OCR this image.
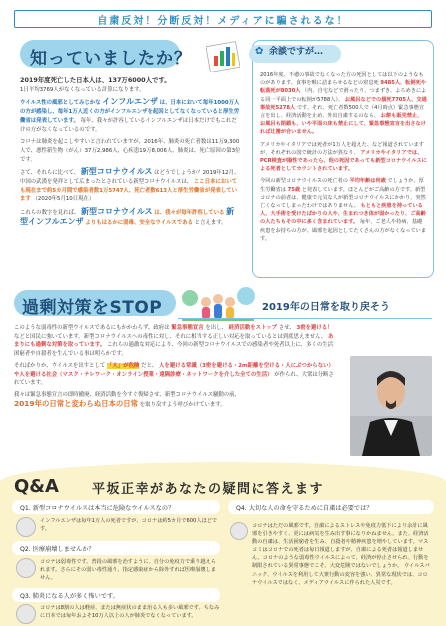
自粛反対！分断反対！メディアに騙されるな！
知っていましたか？

2019年度死亡した日本人は、137万6000人です。
1日平均3769人がなくなっている計算になります。

ウイルス性の風邪としてみじかな インフルエンザ は、日本において毎年1000万人の方が感染し、毎年1万人近くの方がインフルエンザを起因としてなくなっていると厚生労働省は発表しています。 毎年、我々が許容しているインフルエンザは日本だけでもこれだけの方がなくなっているのです。

コロナは肺炎を起こしやすいと言われていますが、2016年、肺炎の死亡者数は11万9,300人で、悪性新生物（がん）37万2,986人、心疾患19万8,006人、肺炎は、死亡原因の第3位です。

さて、それらに比べて、 新型コロナウイルス はどうでしょうか？2019年12月、中国の武漢を発祥として広まったとされている新型コロナウイルスは、 ここ日本においても現在まで約5カ月間で感染者数1万5747人、死亡者数613人と厚生労働省が発表しています （2020年5月10日現在）

これらの数字を見れば、 新型コロナウイルス は、我々が毎年許容している 新型インフルエンザ よりもはるかに弱毒、安全なウイルスである と言えます。

✿ 余談ですが…

2016年度、不慮の事故でなくなった方の死因としては以下のようなものがあります。食事を喉に詰まらせるなどの窒息死 9485人、転倒死や転落死が8030人 （内、自宅などで滑ったり、つまずき、よろめきによる同一平面上での転倒が5788人）、 お風呂などでの溺死7705人、交通事故死5278人 です。それ、死亡者数500人で（4月時点）緊急事態宣言を出し、経済活動を止め、外出自粛するのなら、 お餅も販売禁止、お風呂も閉鎖も、いや平面の床も禁止にして、緊急事態宣言を出さなければ辻褄が合いません。

アメリカやイタリアでは死者が1万人を超えた、など報道されていますが、それぞれの国で統計の方法が異なり、 アメリカやイタリアでは、PCR検査が陽性であったら、他の死因であっても新型コロナウイルスによる死者としてカウントされています。

今回の新型コロナウイルスの死亡者の 平均年齢は何歳 でしょうか。厚生労働省は 75歳 と発表しています。ほとんどがご高齢の方です。新型コロナの前者は、健康で元気な人が新型コロナウイルスにかかり、突然亡くなってしまったわけではありません。 もともと疾患を持っている人、大手術を受けたばかりの人や、生まれつき体が弱かったり、ご高齢の人たちもその中に多く含まれています。 毎年、ご老人や持病、基礎疾患をお持ちの方が、風邪を起因としてたくさんの方がなくなっています。

過剰対策をSTOP	2019年の日常を取り戻そう

このような弱毒性の新型ウイルスであるにもかかわらず、政府は 緊急事態宣言 を出し、 経済活動をストップ させ、 3密を避ける！ などと国民に強いています。新型コロナウイルスへの毒性に対し、それに相当する正しい対応を取っているとは到底思えません。 あまりにも過剰な対策を取っています。 これらの過激な対応により、今回の新型コロナウイルスでの感染者や死者以上に、多くの生活困窮者や自殺者を生んでいる事は明らかです。

そればかりか、ウイルスを出すとして 「人」が危険 だと、 人を避ける常識（3密を避ける・2m距離を空ける・人にぶつからない）や人を避ける社会（マスク・テレワーク・オンライン授業・遠隔診療・ネットワークを介した全ての生活） が作られ、大衆は分断されています。

我々は緊急事態宣言の即時撤廃、経済活動を今すぐ復帰させ、新型コロナウイルス騒動の前、
2019年の日常と変わらぬ日本の日常 を取り戻すよう呼びかけています。

Q&A	平坂正幸があなたの疑問に答えます
Q1. 新型コロナウイルスは本当に危険なウイルスなの？
インフルエンザは毎年1万人の死者ですが、コロナは約5カ月で600人ほどです。
Q2. 医療崩壊しませんか？
コロナは弱毒性です。普段の風邪を治すように、自分の免疫力で乗り越えられます。さらにその弱い毒性通り、指定感染症から除外すれば医療崩壊しません。
Q3. 肺炎になる人が多く怖いです。
コロナは8割の人は軽症、または無症状のまま治る人も多い風邪です。ちなみに日本では毎年およそ10万人以上の人が肺炎でなくなっています。
Q4. 大切な人の命を守るために自粛は必要では？
コロナはただの風邪です。自粛によるストレスや免疫力低下により余計に風邪を引きやすく、更には病気を生み出す事になりかねません。また、経済活動の自粛は、生活困窮者を生み、自殺者や精神疾患を増やしています。マスコミはコロナでの死者は毎日報道しますが、自粛による死者は報道しません。コロナのような弱毒性ウイルスによって、経済が停止させられ、行動を制限されている異常事態でこそ、大変危険ではないでしょうか。 ウイルスパニック、ウイルスを利用して大衆行動の変容を強い、異常な現状では、コロナウイルスではなく、メディアウイルスに作られた人災です。
